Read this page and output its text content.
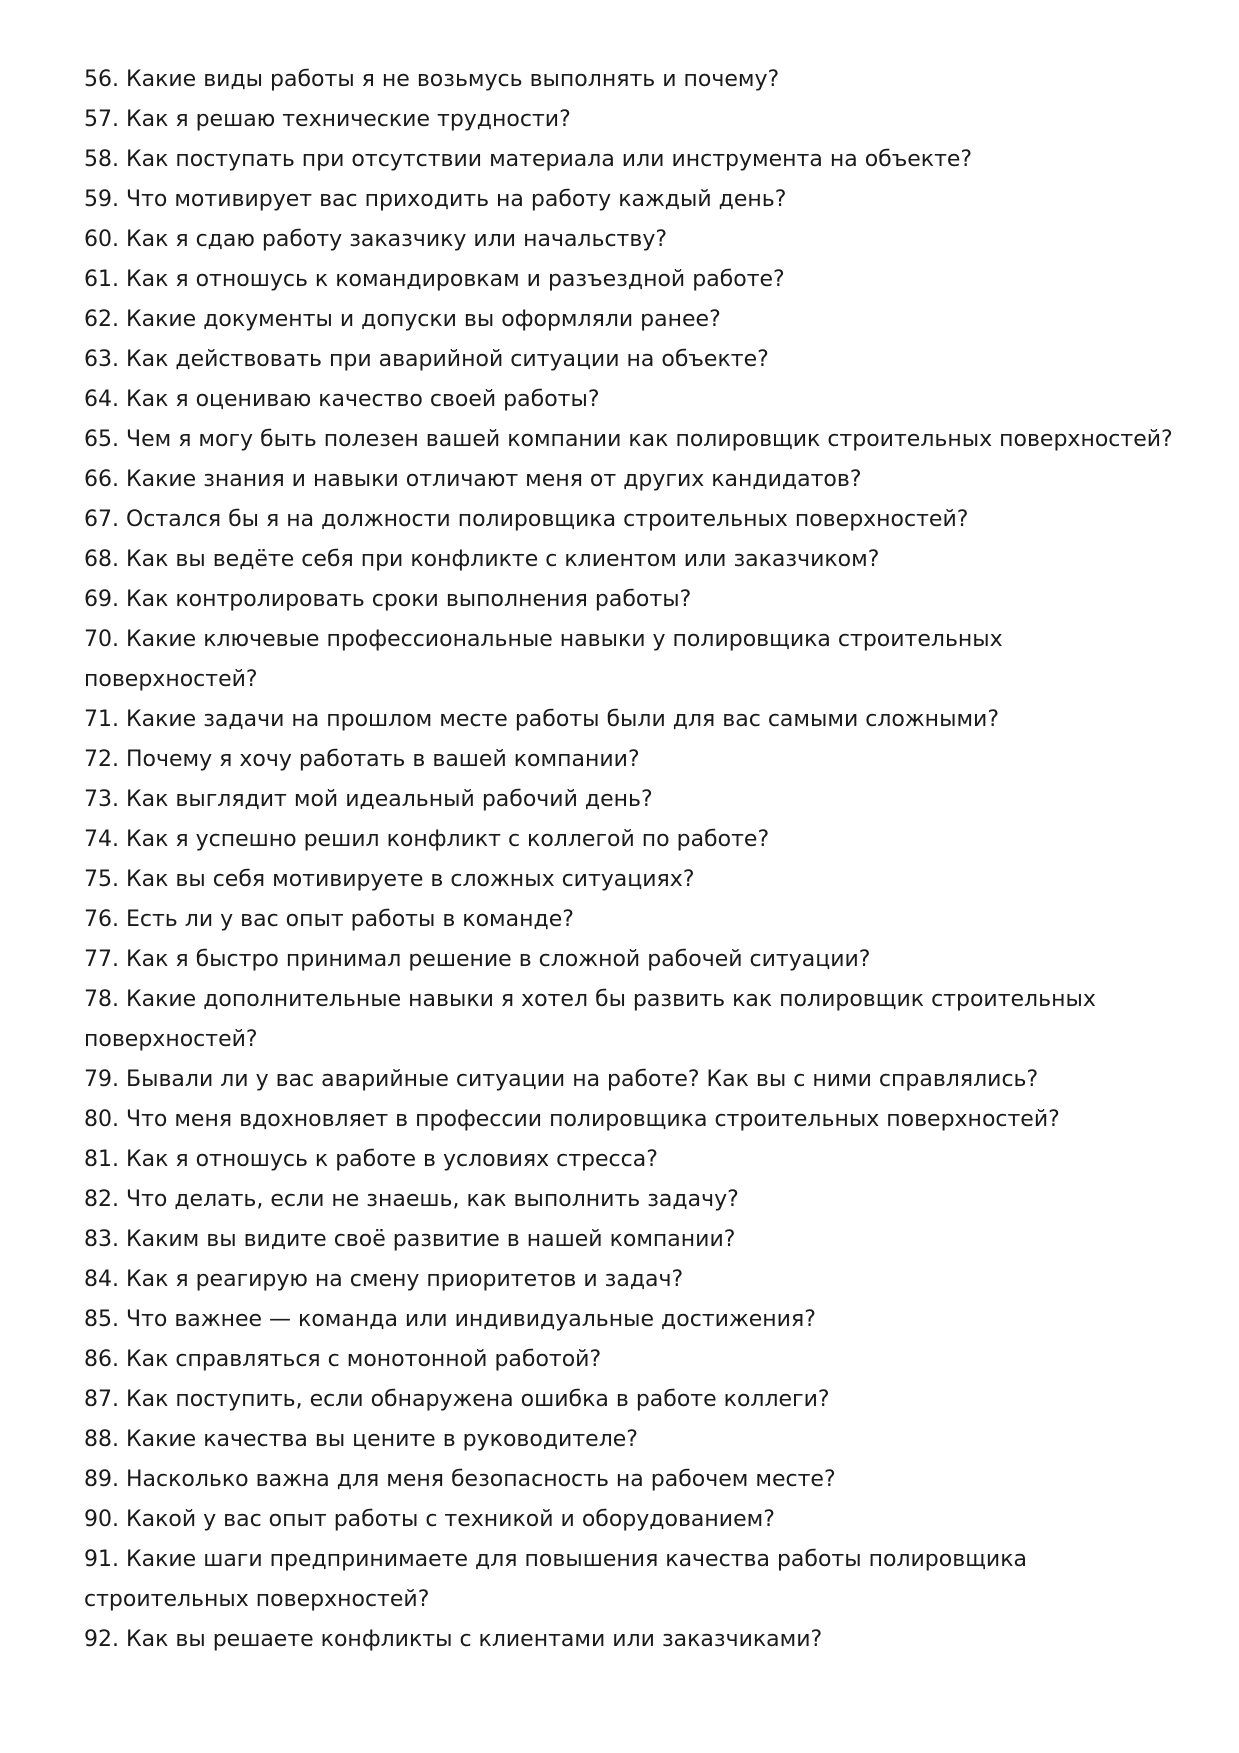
56. Какие виды работы я не возьмусь выполнять и почему?

57. Как я решаю технические трудности?

58. Как поступать при отсутствии материала или инструмента на объекте?

59. Что мотивирует вас приходить на работу каждый день?

60. Как я сдаю работу заказчику или начальству?

61. Как я отношусь к командировкам и разъездной работе?

62. Какие документы и допуски вы оформляли ранее?

63. Как действовать при аварийной ситуации на объекте?

64. Как я оцениваю качество своей работы?

65. Чем я могу быть полезен вашей компании как полировщик строительных поверхностей?

66. Какие знания и навыки отличают меня от других кандидатов?

67. Остался бы я на должности полировщика строительных поверхностей?

68. Как вы ведёте себя при конфликте с клиентом или заказчиком?

69. Как контролировать сроки выполнения работы?

70. Какие ключевые профессиональные навыки у полировщика строительных

поверхностей?

71. Какие задачи на прошлом месте работы были для вас самыми сложными?

72. Почему я хочу работать в вашей компании?

73. Как выглядит мой идеальный рабочий день?

74. Как я успешно решил конфликт с коллегой по работе?

75. Как вы себя мотивируете в сложных ситуациях?

76. Есть ли у вас опыт работы в команде?

77. Как я быстро принимал решение в сложной рабочей ситуации?

78. Какие дополнительные навыки я хотел бы развить как полировщик строительных

поверхностей?

79. Бывали ли у вас аварийные ситуации на работе? Как вы с ними справлялись?

80. Что меня вдохновляет в профессии полировщика строительных поверхностей?

81. Как я отношусь к работе в условиях стресса?

82. Что делать, если не знаешь, как выполнить задачу?

83. Каким вы видите своё развитие в нашей компании?

84. Как я реагирую на смену приоритетов и задач?

85. Что важнее — команда или индивидуальные достижения?

86. Как справляться с монотонной работой?

87. Как поступить, если обнаружена ошибка в работе коллеги?

88. Какие качества вы цените в руководителе?

89. Насколько важна для меня безопасность на рабочем месте?

90. Какой у вас опыт работы с техникой и оборудованием?

91. Какие шаги предпринимаете для повышения качества работы полировщика

строительных поверхностей?

92. Как вы решаете конфликты с клиентами или заказчиками?
